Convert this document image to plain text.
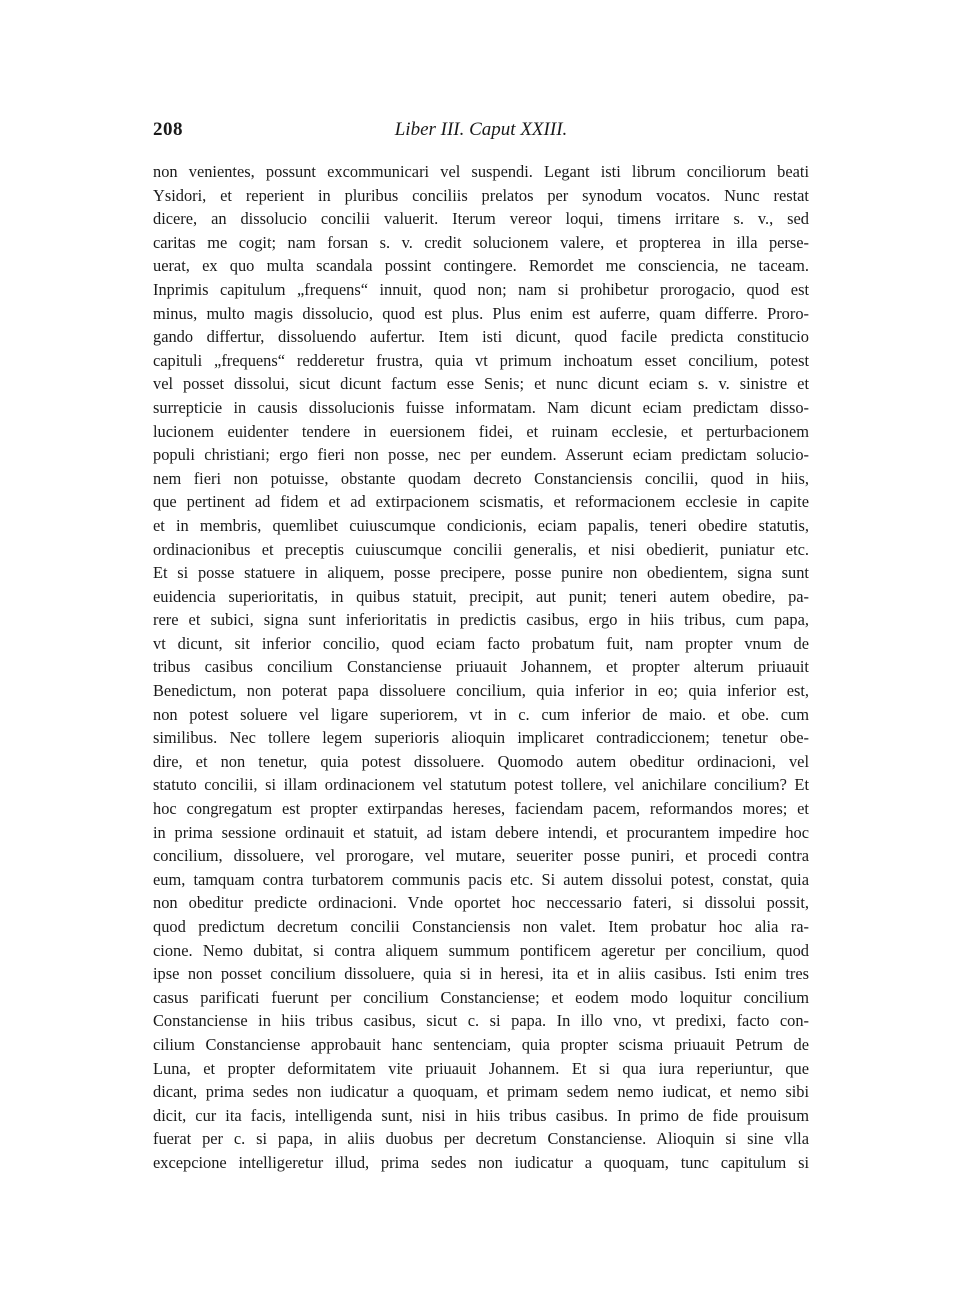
208	Liber III. Caput XXIII.
non venientes, possunt excommunicari vel suspendi. Legant isti librum conciliorum beati
Ysidori, et reperient in pluribus conciliis prelatos per synodum vocatos. Nunc restat
dicere, an dissolucio concilii valuerit. Iterum vereor loqui, timens irritare s. v., sed
caritas me cogit; nam forsan s. v. credit solucionem valere, et propterea in illa perse-
uerat, ex quo multa scandala possint contingere. Remordet me consciencia, ne taceam.
Inprimis capitulum „frequens“ innuit, quod non; nam si prohibetur prorogacio, quod est
minus, multo magis dissolucio, quod est plus. Plus enim est auferre, quam differre. Proro-
gando differtur, dissoluendo aufertur. Item isti dicunt, quod facile predicta constitucio
capituli „frequens“ redderetur frustra, quia vt primum inchoatum esset concilium, potest
vel posset dissolui, sicut dicunt factum esse Senis; et nunc dicunt eciam s. v. sinistre et
surrepticie in causis dissolucionis fuisse informatam. Nam dicunt eciam predictam disso-
lucionem euidenter tendere in euersionem fidei, et ruinam ecclesie, et perturbacionem
populi christiani; ergo fieri non posse, nec per eundem. Asserunt eciam predictam solucio-
nem fieri non potuisse, obstante quodam decreto Constanciensis concilii, quod in hiis,
que pertinent ad fidem et ad extirpacionem scismatis, et reformacionem ecclesie in capite
et in membris, quemlibet cuiuscumque condicionis, eciam papalis, teneri obedire statutis,
ordinacionibus et preceptis cuiuscumque concilii generalis, et nisi obedierit, puniatur etc.
Et si posse statuere in aliquem, posse precipere, posse punire non obedientem, signa sunt
euidencia superioritatis, in quibus statuit, precipit, aut punit; teneri autem obedire, pa-
rere et subici, signa sunt inferioritatis in predictis casibus, ergo in hiis tribus, cum papa,
vt dicunt, sit inferior concilio, quod eciam facto probatum fuit, nam propter vnum de
tribus casibus concilium Constanciense priuauit Johannem, et propter alterum priuauit
Benedictum, non poterat papa dissoluere concilium, quia inferior in eo; quia inferior est,
non potest soluere vel ligare superiorem, vt in c. cum inferior de maio. et obe. cum
similibus. Nec tollere legem superioris alioquin implicaret contradiccionem; tenetur obe-
dire, et non tenetur, quia potest dissoluere. Quomodo autem obeditur ordinacioni, vel
statuto concilii, si illam ordinacionem vel statutum potest tollere, vel anichilare concilium? Et
hoc congregatum est propter extirpandas hereses, faciendam pacem, reformandos mores; et
in prima sessione ordinauit et statuit, ad istam debere intendi, et procurantem impedire hoc
concilium, dissoluere, vel prorogare, vel mutare, seueriter posse puniri, et procedi contra
eum, tamquam contra turbatorem communis pacis etc. Si autem dissolui potest, constat, quia
non obeditur predicte ordinacioni. Vnde oportet hoc neccessario fateri, si dissolui possit,
quod predictum decretum concilii Constanciensis non valet. Item probatur hoc alia ra-
cione. Nemo dubitat, si contra aliquem summum pontificem ageretur per concilium, quod
ipse non posset concilium dissoluere, quia si in heresi, ita et in aliis casibus. Isti enim tres
casus parificati fuerunt per concilium Constanciense; et eodem modo loquitur concilium
Constanciense in hiis tribus casibus, sicut c. si papa. In illo vno, vt predixi, facto con-
cilium Constanciense approbauit hanc sentenciam, quia propter scisma priuauit Petrum de
Luna, et propter deformitatem vite priuauit Johannem. Et si qua iura reperiuntur, que
dicant, prima sedes non iudicatur a quoquam, et primam sedem nemo iudicat, et nemo sibi
dicit, cur ita facis, intelligenda sunt, nisi in hiis tribus casibus. In primo de fide prouisum
fuerat per c. si papa, in aliis duobus per decretum Constanciense. Alioquin si sine vlla
excepcione intelligeretur illud, prima sedes non iudicatur a quoquam, tunc capitulum si
